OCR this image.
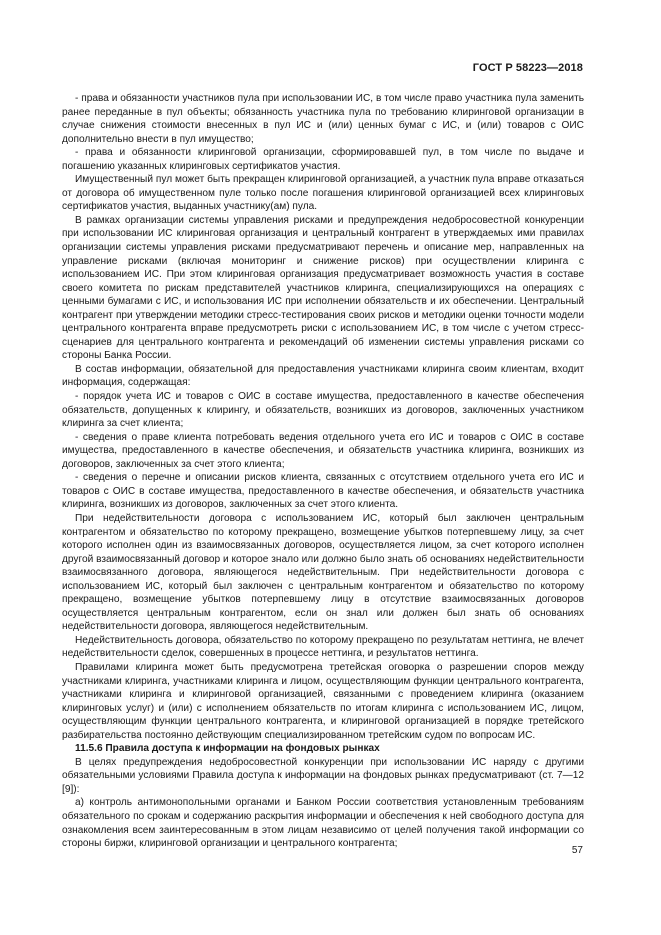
ГОСТ Р 58223—2018

- права и обязанности участников пула при использовании ИС, в том числе право участника пула заменить ранее переданные в пул объекты; обязанность участника пула по требованию клиринговой организации в случае снижения стоимости внесенных в пул ИС и (или) ценных бумаг с ИС, и (или) товаров с ОИС дополнительно внести в пул имущество;

- права и обязанности клиринговой организации, сформировавшей пул, в том числе по выдаче и погашению указанных клиринговых сертификатов участия.

Имущественный пул может быть прекращен клиринговой организацией, а участник пула вправе отказаться от договора об имущественном пуле только после погашения клиринговой организацией всех клиринговых сертификатов участия, выданных участнику(ам) пула.

В рамках организации системы управления рисками и предупреждения недобросовестной конкуренции при использовании ИС клиринговая организация и центральный контрагент в утверждаемых ими правилах организации системы управления рисками предусматривают перечень и описание мер, направленных на управление рисками (включая мониторинг и снижение рисков) при осуществлении клиринга с использованием ИС. При этом клиринговая организация предусматривает возможность участия в составе своего комитета по рискам представителей участников клиринга, специализирующихся на операциях с ценными бумагами с ИС, и использования ИС при исполнении обязательств и их обеспечении. Центральный контрагент при утверждении методики стресс-тестирования своих рисков и методики оценки точности модели центрального контрагента вправе предусмотреть риски с использованием ИС, в том числе с учетом стресс-сценариев для центрального контрагента и рекомендаций об изменении системы управления рисками со стороны Банка России.

В состав информации, обязательной для предоставления участниками клиринга своим клиентам, входит информация, содержащая:

- порядок учета ИС и товаров с ОИС в составе имущества, предоставленного в качестве обеспечения обязательств, допущенных к клирингу, и обязательств, возникших из договоров, заключенных участником клиринга за счет клиента;

- сведения о праве клиента потребовать ведения отдельного учета его ИС и товаров с ОИС в составе имущества, предоставленного в качестве обеспечения, и обязательств участника клиринга, возникших из договоров, заключенных за счет этого клиента;

- сведения о перечне и описании рисков клиента, связанных с отсутствием отдельного учета его ИС и товаров с ОИС в составе имущества, предоставленного в качестве обеспечения, и обязательств участника клиринга, возникших из договоров, заключенных за счет этого клиента.

При недействительности договора с использованием ИС, который был заключен центральным контрагентом и обязательство по которому прекращено, возмещение убытков потерпевшему лицу, за счет которого исполнен один из взаимосвязанных договоров, осуществляется лицом, за счет которого исполнен другой взаимосвязанный договор и которое знало или должно было знать об основаниях недействительности взаимосвязанного договора, являющегося недействительным. При недействительности договора с использованием ИС, который был заключен с центральным контрагентом и обязательство по которому прекращено, возмещение убытков потерпевшему лицу в отсутствие взаимосвязанных договоров осуществляется центральным контрагентом, если он знал или должен был знать об основаниях недействительности договора, являющегося недействительным.

Недействительность договора, обязательство по которому прекращено по результатам неттинга, не влечет недействительности сделок, совершенных в процессе неттинга, и результатов неттинга.

Правилами клиринга может быть предусмотрена третейская оговорка о разрешении споров между участниками клиринга, участниками клиринга и лицом, осуществляющим функции центрального контрагента, участниками клиринга и клиринговой организацией, связанными с проведением клиринга (оказанием клиринговых услуг) и (или) с исполнением обязательств по итогам клиринга с использованием ИС, лицом, осуществляющим функции центрального контрагента, и клиринговой организацией в порядке третейского разбирательства постоянно действующим специализированном третейским судом по вопросам ИС.

11.5.6 Правила доступа к информации на фондовых рынках

В целях предупреждения недобросовестной конкуренции при использовании ИС наряду с другими обязательными условиями Правила доступа к информации на фондовых рынках предусматривают (ст. 7—12 [9]):

а) контроль антимонопольными органами и Банком России соответствия установленным требованиям обязательного по срокам и содержанию раскрытия информации и обеспечения к ней свободного доступа для ознакомления всем заинтересованным в этом лицам независимо от целей получения такой информации со стороны биржи, клиринговой организации и центрального контрагента;

57
